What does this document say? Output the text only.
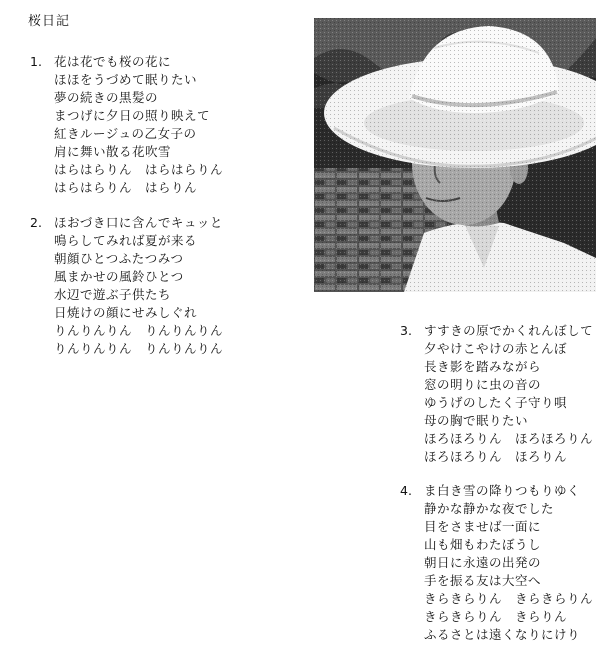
桜日記
1. 花は花でも桜の花に
ほほをうづめて眠りたい
夢の続きの黒髪の
まつげに夕日の照り映えて
紅きルージュの乙女子の
肩に舞い散る花吹雪
はらはらりん　はらはらりん
はらはらりん　はらりん
2. ほおづき口に含んでキュッと
鳴らしてみれば夏が来る
朝顔ひとつふたつみつ
風まかせの風鈴ひとつ
水辺で遊ぶ子供たち
日焼けの顔にせみしぐれ
りんりんりん　りんりんりん
りんりんりん　りんりんりん
3. すすきの原でかくれんぼして
夕やけこやけの赤とんぼ
長き影を踏みながら
窓の明りに虫の音の
ゆうげのしたく子守り唄
母の胸で眠りたい
ほろほろりん　ほろほろりん
ほろほろりん　ほろりん
4. ま白き雪の降りつもりゆく
静かな静かな夜でした
目をさませば一面に
山も畑もわたぼうし
朝日に永遠の出発の
手を振る友は大空へ
きらきらりん　きらきらりん
きらきらりん　きらりん
ふるさとは遠くなりにけり
